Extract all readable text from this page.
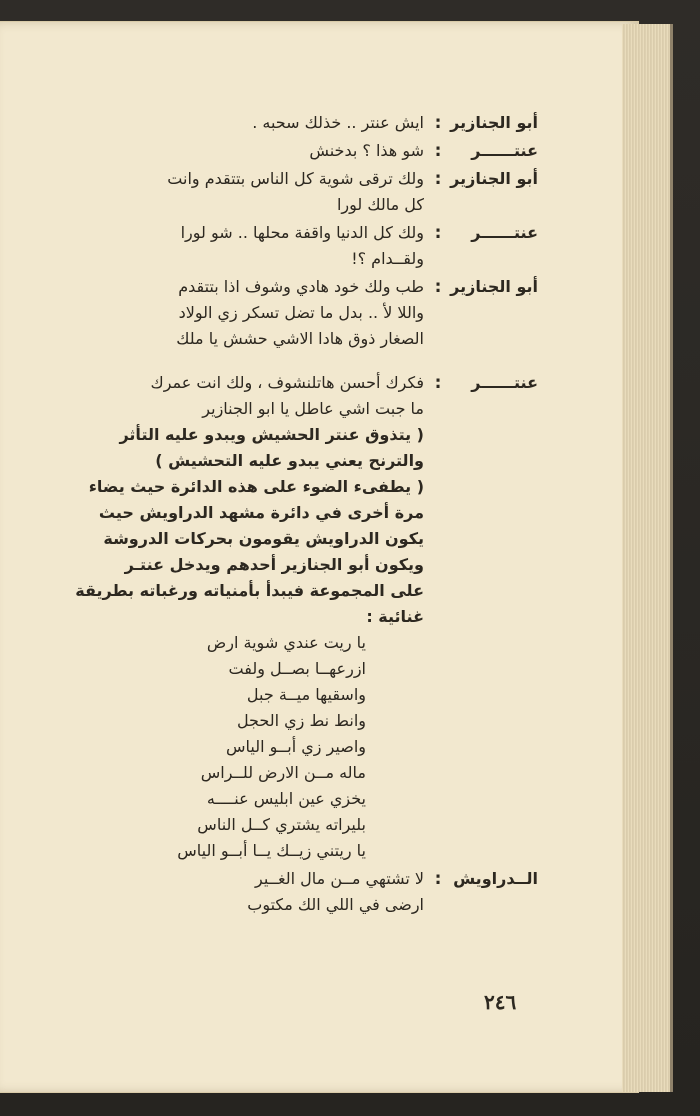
أبو الجنازير
:
ايش عنتر .. خذلك سحبه .
عنتــــــر
:
شو هذا ؟ بدخنش
أبو الجنازير
:
ولك ترقى شوية كل الناس بتتقدم وانت
كل مالك لورا
عنتــــــر
:
ولك كل الدنيا واقفة محلها .. شو لورا
ولقــدام ؟!
أبو الجنازير
:
طب ولك خود هادي وشوف اذا بتتقدم
واللا لأ .. بدل ما تضل تسكر زي الولاد
الصغار ذوق هادا الاشي حشش يا ملك
عنتــــــر
:
فكرك أحسن هاتلنشوف ، ولك انت عمرك
ما جبت اشي عاطل يا ابو الجنازير
( يتذوق عنتر الحشيش ويبدو عليه التأثر
والترنح يعني يبدو عليه التحشيش )
( يطفىء الضوء على هذه الدائرة حيث يضاء
مرة أخرى في دائرة مشهد الدراويش حيث
يكون الدراويش يقومون بحركات الدروشة
ويكون أبو الجنازير أحدهم ويدخل عنتـر
على المجموعة فيبدأ بأمنياته ورغباته بطريقة
غنائية :
يا ريت عندي شوية ارض
ازرعهــا بصــل ولفت
واسقيها ميــة جبل
وانط نط زي الحجل
واصير زي أبــو الياس
ماله مــن الارض للــراس
يخزي عين ابليس عنــــه
بليراته يشتري كــل الناس
يا ريتني زيــك يــا أبــو الياس
الــدراويش
:
لا تشتهي مــن مال الغــير
ارضى في اللي الك مكتوب
٢٤٦
